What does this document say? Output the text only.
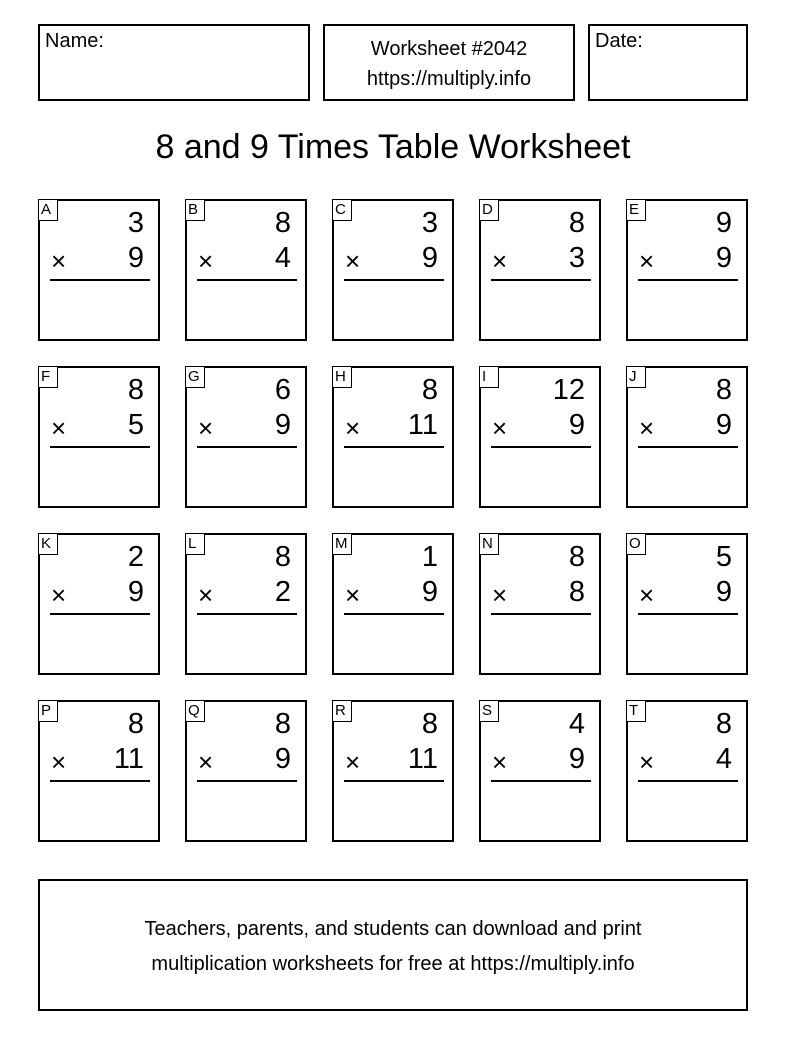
Name:	Worksheet #2042
https://multiply.info
Date:
8 and 9 Times Table Worksheet
A	3
× 9
B	8
× 4
C	3
× 9
D	8
× 3
E	9
× 9
F	8
× 5
G	6
× 9
H	8
× 11
I	12
× 9
J	8
× 9
K	2
× 9
L	8
× 2
M	1
× 9
N	8
× 8
O	5
× 9
P	8
× 11
Q	8
× 9
R	8
× 11
S	4
× 9
T	8
× 4
Teachers, parents, and students can download and print
multiplication worksheets for free at https://multiply.info
